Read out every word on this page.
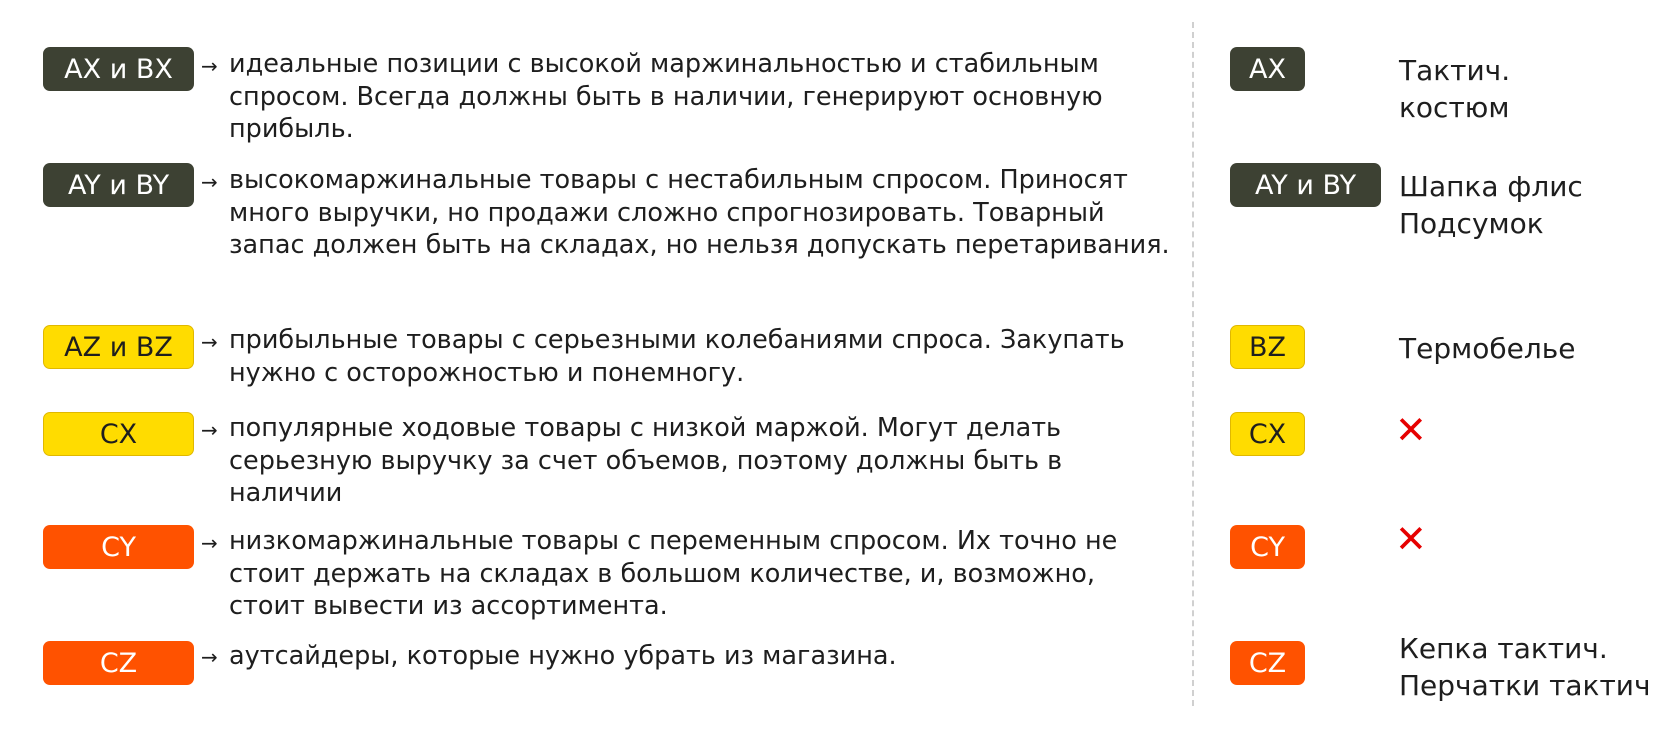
AX и BX	→ идеальные позиции с высокой маржинальностью и стабильным спросом. Всегда должны быть в наличии, генерируют основную прибыль.
AY и BY	→ высокомаржинальные товары с нестабильным спросом. Приносят много выручки, но продажи сложно спрогнозировать. Товарный запас должен быть на складах, но нельзя допускать перетаривания.
AZ и BZ	→ прибыльные товары с серьезными колебаниями спроса. Закупать нужно с осторожностью и понемногу.
CX	→ популярные ходовые товары с низкой маржой. Могут делать серьезную выручку за счет объемов, поэтому должны быть в наличии
CY	→ низкомаржинальные товары с переменным спросом. Их точно не стоит держать на складах в большом количестве, и, возможно, стоит вывести из ассортимента.
CZ	→ аутсайдеры, которые нужно убрать из магазина.
AX	Тактич.
костюм
AY и BY	Шапка флис
Подсумок
BZ	Термобелье
CX	✕
CY	✕
CZ	Кепка тактич.
Перчатки тактич
